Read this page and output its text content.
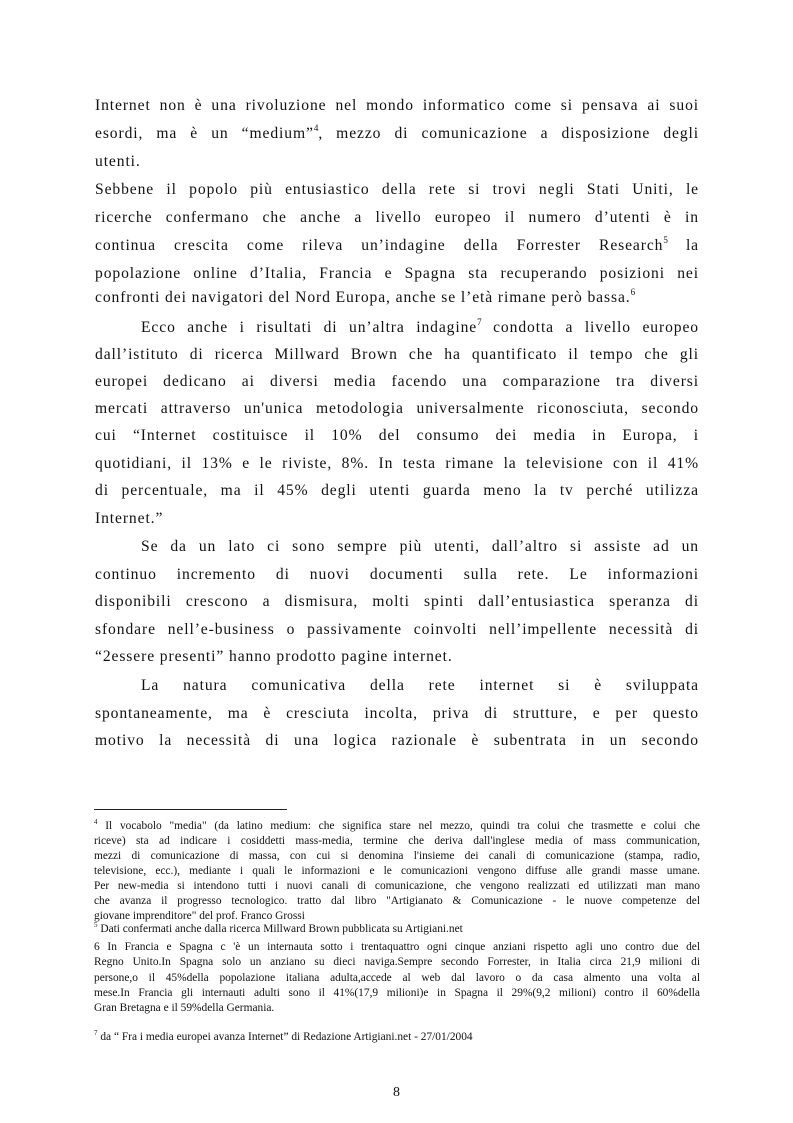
Internet non è una rivoluzione nel mondo informatico come si pensava ai suoi
esordi, ma è un “medium”$^4$, mezzo di comunicazione a disposizione degli
utenti.
Sebbene il popolo più entusiastico della rete si trovi negli Stati Uniti, le
ricerche confermano che anche a livello europeo il numero d’utenti è in
continua crescita come rileva un’indagine della Forrester Research$^5$ la
popolazione online d’Italia, Francia e Spagna sta recuperando posizioni nei
confronti dei navigatori del Nord Europa, anche se l’età rimane però bassa.$^6$
Ecco anche i risultati di un’altra indagine$^7$ condotta a livello europeo
dall’istituto di ricerca Millward Brown che ha quantificato il tempo che gli
europei dedicano ai diversi media facendo una comparazione tra diversi
mercati attraverso un'unica metodologia universalmente riconosciuta, secondo
cui “Internet costituisce il 10% del consumo dei media in Europa, i
quotidiani, il 13% e le riviste, 8%. In testa rimane la televisione con il 41%
di percentuale, ma il 45% degli utenti guarda meno la tv perché utilizza
Internet.”
Se da un lato ci sono sempre più utenti, dall’altro si assiste ad un
continuo incremento di nuovi documenti sulla rete. Le informazioni
disponibili crescono a dismisura, molti spinti dall’entusiastica speranza di
sfondare nell’e-business o passivamente coinvolti nell’impellente necessità di
“2essere presenti” hanno prodotto pagine internet.
La natura comunicativa della rete internet si è sviluppata
spontaneamente, ma è cresciuta incolta, priva di strutture, e per questo
motivo la necessità di una logica razionale è subentrata in un secondo
$^4$ Il vocabolo "media" (da latino medium: che significa stare nel mezzo, quindi tra colui che trasmette e colui che
riceve) sta ad indicare i cosiddetti mass-media, termine che deriva dall'inglese media of mass communication,
mezzi di comunicazione di massa, con cui si denomina l'insieme dei canali di comunicazione (stampa, radio,
televisione, ecc.), mediante i quali le informazioni e le comunicazioni vengono diffuse alle grandi masse umane.
Per new-media si intendono tutti i nuovi canali di comunicazione, che vengono realizzati ed utilizzati man mano
che avanza il progresso tecnologico. tratto dal libro "Artigianato & Comunicazione - le nuove competenze del
giovane imprenditore" del prof. Franco Grossi
$^5$ Dati confermati anche dalla ricerca Millward Brown pubblicata su Artigiani.net
6 In Francia e Spagna c 'è un internauta sotto i trentaquattro ogni cinque anziani rispetto agli uno contro due del
Regno Unito.In Spagna solo un anziano su dieci naviga.Sempre secondo Forrester, in Italia circa 21,9 milioni di
persone,o il 45%della popolazione italiana adulta,accede al web dal lavoro o da casa almento una volta al
mese.In Francia gli internauti adulti sono il 41%(17,9 milioni)e in Spagna il 29%(9,2 milioni) contro il 60%della
Gran Bretagna e il 59%della Germania.
$^7$ da “ Fra i media europei avanza Internet” di Redazione Artigiani.net - 27/01/2004
8
